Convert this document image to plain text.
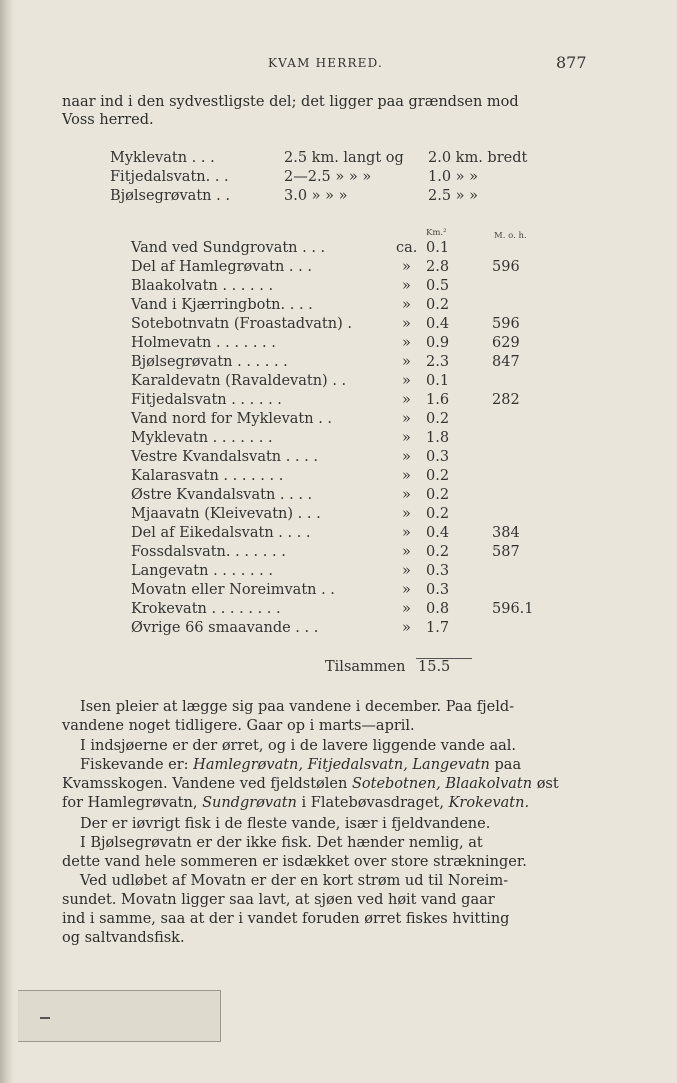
KVAM HERRED.	877
naar ind i den sydvestligste del; det ligger paa grændsen mod
Voss herred.
Myklevatn . . .	2.5 km. langt og 2.0 km. bredt
Fitjedalsvatn. . .	2—2.5 » » »	1.0 » »
Bjølsegrøvatn . .	3.0 » » »	2.5 » »
Km.²	M. o. h.
Vand ved Sundgrovatn . . .	ca. 0.1
Del af Hamlegrøvatn . . .	» 2.8	596
Blaakolvatn . . . . . .	» 0.5
Vand i Kjærringbotn. . . .	» 0.2
Sotebotnvatn (Froastadvatn) .	» 0.4	596
Holmevatn . . . . . . .	» 0.9	629
Bjølsegrøvatn . . . . . .	» 2.3	847
Karaldevatn (Ravaldevatn) . .	» 0.1
Fitjedalsvatn . . . . . .	» 1.6	282
Vand nord for Myklevatn . .	» 0.2
Myklevatn . . . . . . .	» 1.8
Vestre Kvandalsvatn . . . .	» 0.3
Kalarasvatn . . . . . . .	» 0.2
Østre Kvandalsvatn . . . .	» 0.2
Mjaavatn (Kleivevatn) . . .	» 0.2
Del af Eikedalsvatn . . . .	» 0.4	384
Fossdalsvatn. . . . . . .	» 0.2	587
Langevatn . . . . . . .	» 0.3
Movatn eller Noreimvatn . .	» 0.3
Krokevatn . . . . . . . .	» 0.8	596.1
Øvrige 66 smaavande . . .	» 1.7
Tilsammen 15.5
Isen pleier at lægge sig paa vandene i december. Paa fjeld-
vandene noget tidligere. Gaar op i marts—april.
I indsjøerne er der ørret, og i de lavere liggende vande aal.
Fiskevande er: Hamlegrøvatn, Fitjedalsvatn, Langevatn paa
Kvamsskogen. Vandene ved fjeldstølen Sotebotnen, Blaakolvatn øst
for Hamlegrøvatn, Sundgrøvatn i Flatebøvasdraget, Krokevatn.
Der er iøvrigt fisk i de fleste vande, især i fjeldvandene.
I Bjølsegrøvatn er der ikke fisk. Det hænder nemlig, at
dette vand hele sommeren er isdækket over store strækninger.
Ved udløbet af Movatn er der en kort strøm ud til Noreim-
sundet. Movatn ligger saa lavt, at sjøen ved høit vand gaar
ind i samme, saa at der i vandet foruden ørret fiskes hvitting
og saltvandsfisk.
